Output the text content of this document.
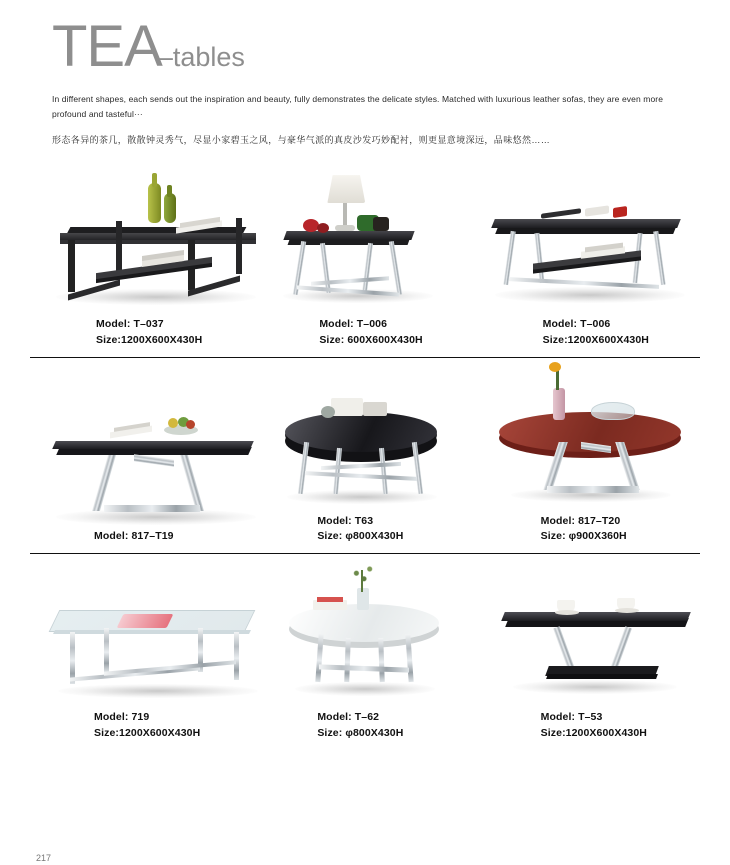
TEA
–tables
In different shapes, each sends out the inspiration and beauty, fully demonstrates the delicate styles. Matched with luxurious leather sofas, they are even more profound and tasteful···
形态各异的茶几，散散钟灵秀气，尽显小家碧玉之风，与豪华气派的真皮沙发巧妙配衬，则更显意境深远，品味悠然……
Model: T–037
Size:1200X600X430H
Model: T–006
Size: 600X600X430H
Model: T–006
Size:1200X600X430H
Model: 817–T19
Model: T63
Size: φ800X430H
Model: 817–T20
Size: φ900X360H
Model: 719
Size:1200X600X430H
Model: T–62
Size: φ800X430H
Model: T–53
Size:1200X600X430H
217
